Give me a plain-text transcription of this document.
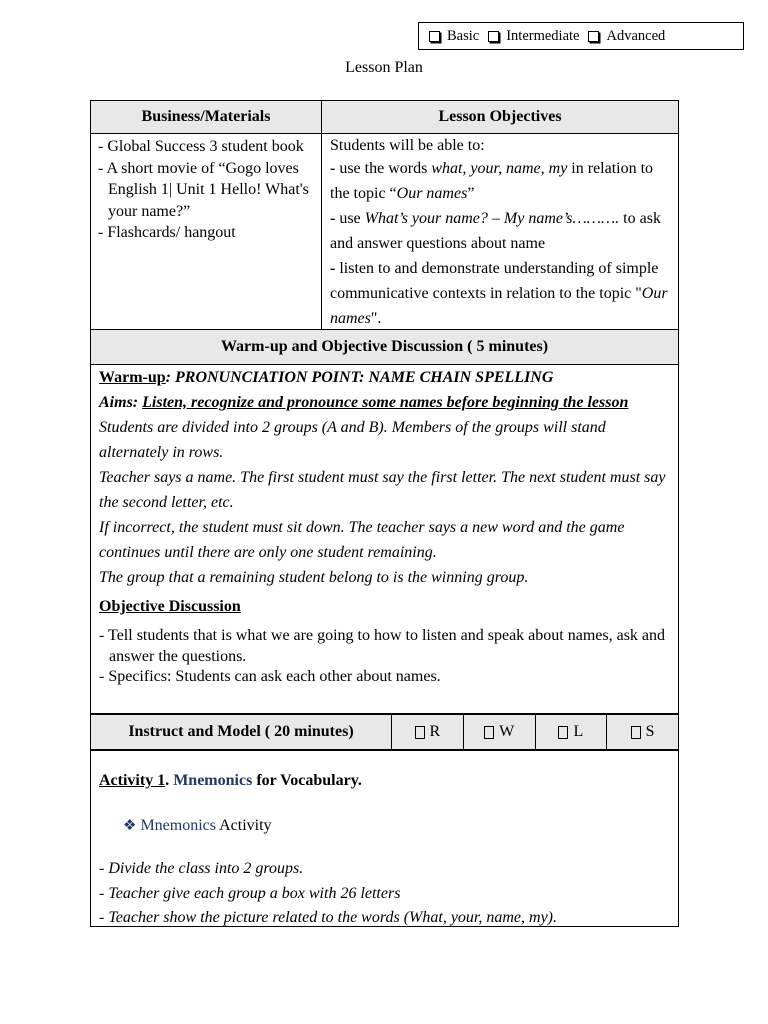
Basic Intermediate Advanced
Lesson Plan
Business/Materials	Lesson Objectives
- Global Success 3 student book
- A short movie of “Gogo loves English 1| Unit 1 Hello! What's your name?”
- Flashcards/ hangout
Students will be able to:
- use the words what, your, name, my in relation to the topic “Our names”
- use What’s your name? – My name’s………. to ask and answer questions about name
- listen to and demonstrate understanding of simple communicative contexts in relation to the topic "Our names".
Warm-up and Objective Discussion ( 5 minutes)
Warm-up: PRONUNCIATION POINT: NAME CHAIN SPELLING
Aims: Listen, recognize and pronounce some names before beginning the lesson
Students are divided into 2 groups (A and B). Members of the groups will stand alternately in rows.
Teacher says a name. The first student must say the first letter. The next student must say the second letter, etc.
If incorrect, the student must sit down. The teacher says a new word and the game continues until there are only one student remaining.
The group that a remaining student belong to is the winning group.
Objective Discussion
- Tell students that is what we are going to how to listen and speak about names, ask and answer the questions.
- Specifics: Students can ask each other about names.
Instruct and Model ( 20 minutes)	R	W	L	S
Activity 1. Mnemonics for Vocabulary.
❖ Mnemonics Activity
- Divide the class into 2 groups.
- Teacher give each group a box with 26 letters
- Teacher show the picture related to the words (What, your, name, my).
